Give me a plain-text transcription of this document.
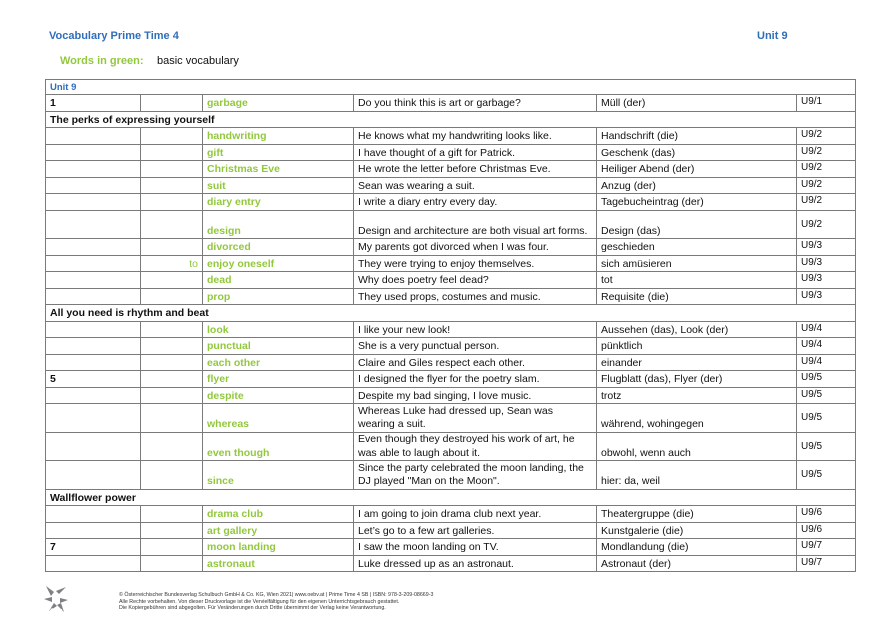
Vocabulary Prime Time 4	Unit 9
Words in green: basic vocabulary
Unit 9					
1		garbage	Do you think this is art or garbage?	Müll (der)	U9/1
The perks of expressing yourself					
		handwriting	He knows what my handwriting looks like.	Handschrift (die)	U9/2
		gift	I have thought of a gift for Patrick.	Geschenk (das)	U9/2
		Christmas Eve	He wrote the letter before Christmas Eve.	Heiliger Abend (der)	U9/2
		suit	Sean was wearing a suit.	Anzug (der)	U9/2
		diary entry	I write a diary entry every day.	Tagebucheintrag (der)	U9/2
		design	Design and architecture are both visual art forms.	Design (das)	U9/2
		divorced	My parents got divorced when I was four.	geschieden	U9/3
	to	enjoy oneself	They were trying to enjoy themselves.	sich amüsieren	U9/3
		dead	Why does poetry feel dead?	tot	U9/3
		prop	They used props, costumes and music.	Requisite (die)	U9/3
All you need is rhythm and beat					
		look	I like your new look!	Aussehen (das), Look (der)	U9/4
		punctual	She is a very punctual person.	pünktlich	U9/4
		each other	Claire and Giles respect each other.	einander	U9/4
5		flyer	I designed the flyer for the poetry slam.	Flugblatt (das), Flyer (der)	U9/5
		despite	Despite my bad singing, I love music.	trotz	U9/5
		whereas	Whereas Luke had dressed up, Sean was wearing a suit.	während, wohingegen	U9/5
		even though	Even though they destroyed his work of art, he was able to laugh about it.	obwohl, wenn auch	U9/5
		since	Since the party celebrated the moon landing, the DJ played "Man on the Moon".	hier: da, weil	U9/5
Wallflower power					
		drama club	I am going to join drama club next year.	Theatergruppe (die)	U9/6
		art gallery	Let’s go to a few art galleries.	Kunstgalerie (die)	U9/6
7		moon landing	I saw the moon landing on TV.	Mondlandung (die)	U9/7
		astronaut	Luke dressed up as an astronaut.	Astronaut (der)	U9/7
öbv
© Österreichischer Bundesverlag Schulbuch GmbH & Co. KG, Wien 2021| www.oebv.at | Prime Time 4 SB | ISBN: 978-3-209-08669-3
Alle Rechte vorbehalten. Von dieser Druckvorlage ist die Vervielfältigung für den eigenen Unterrichtsgebrauch gestattet.
Die Kopiergebühren sind abgegolten. Für Veränderungen durch Dritte übernimmt der Verlag keine Verantwortung.
